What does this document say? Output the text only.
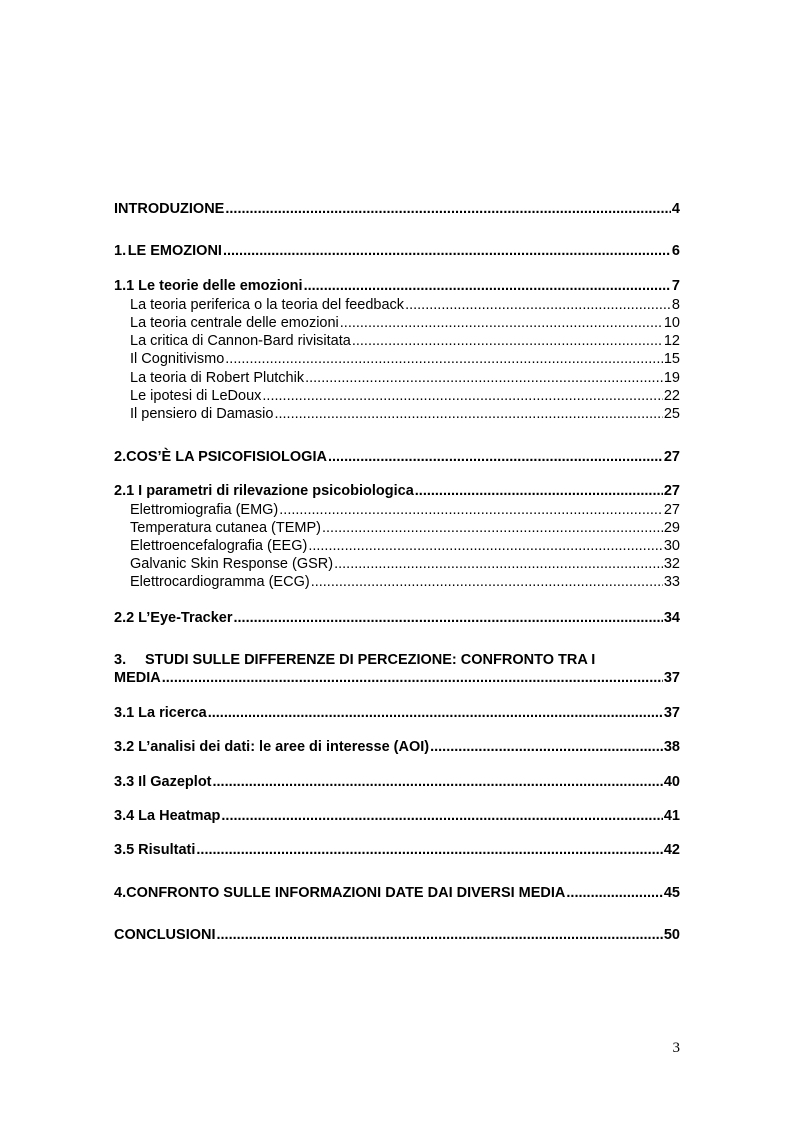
INTRODUZIONE .....	4
1. LE EMOZIONI .....	6
1.1 Le teorie delle emozioni .....	7
La teoria periferica o la teoria del feedback .....	8
La teoria centrale delle emozioni .....	10
La critica di Cannon-Bard rivisitata .....	12
Il Cognitivismo .....	15
La teoria di Robert Plutchik .....	19
Le ipotesi di LeDoux .....	22
Il pensiero di Damasio .....	25
2. COS’È LA PSICOFISIOLOGIA .....	27
2.1 I parametri di rilevazione psicobiologica .....	27
Elettromiografia (EMG) .....	27
Temperatura cutanea (TEMP) .....	29
Elettroencefalografia (EEG) .....	30
Galvanic Skin Response (GSR) .....	32
Elettrocardiogramma (ECG) .....	33
2.2 L’Eye-Tracker .....	34
3. STUDI SULLE DIFFERENZE DI PERCEZIONE: CONFRONTO TRA I
MEDIA .....	37
3.1 La ricerca .....	37
3.2 L’analisi dei dati: le aree di interesse (AOI) .....	38
3.3 Il Gazeplot .....	40
3.4 La Heatmap .....	41
3.5 Risultati .....	42
4. CONFRONTO SULLE INFORMAZIONI DATE DAI DIVERSI MEDIA .....	45
CONCLUSIONI .....	50
3
